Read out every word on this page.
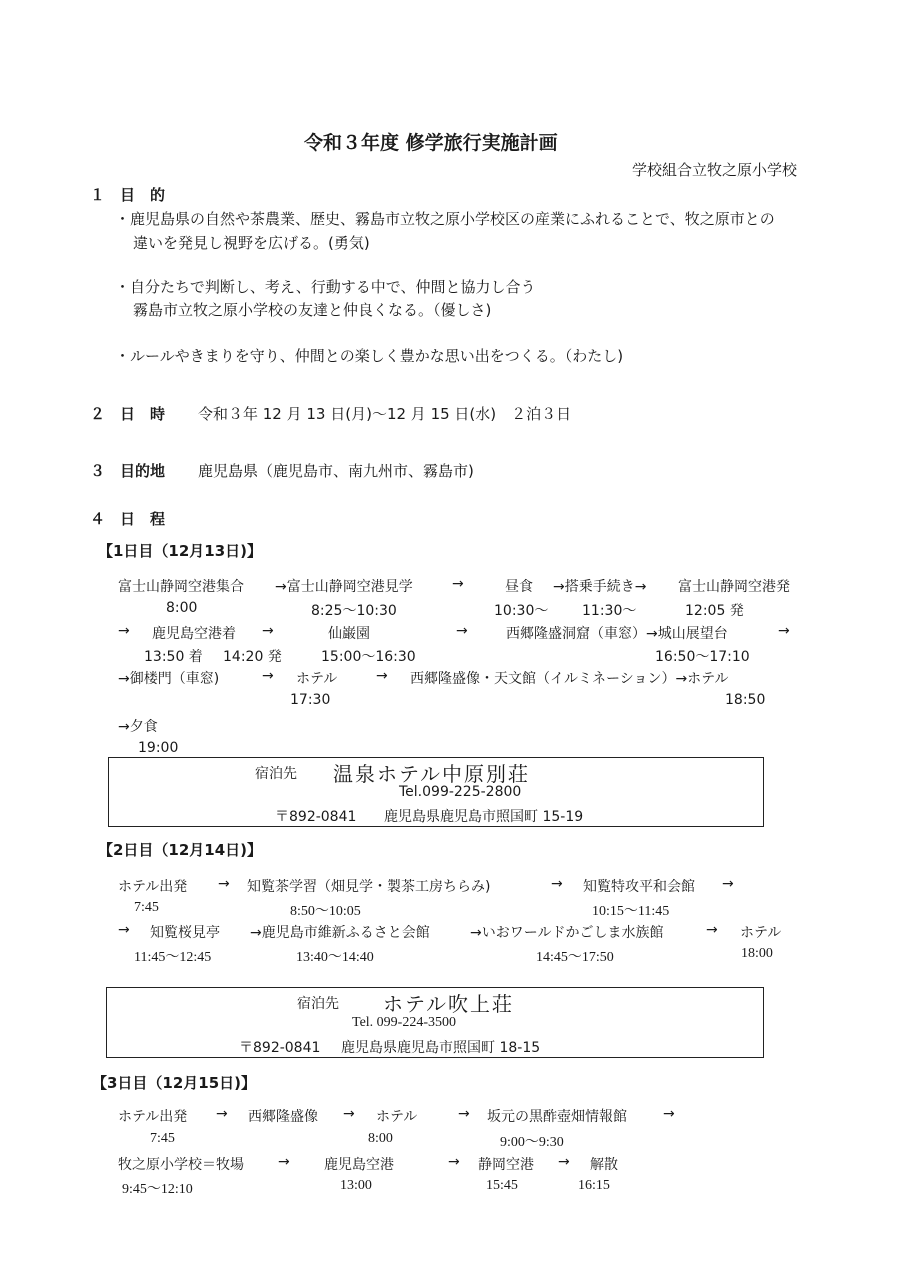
令和３年度 修学旅行実施計画
学校組合立牧之原小学校
１　目　的
・鹿児島県の自然や茶農業、歴史、霧島市立牧之原小学校区の産業にふれることで、牧之原市との
違いを発見し視野を広げる。(勇気)
・自分たちで判断し、考え、行動する中で、仲間と協力し合う
霧島市立牧之原小学校の友達と仲良くなる。（優しさ)
・ルールやきまりを守り、仲間との楽しく豊かな思い出をつくる。（わたし)
２　日　時 令和３年 12 月 13 日(月)～12 月 15 日(水)　２泊３日
３　目的地 鹿児島県（鹿児島市、南九州市、霧島市)
４　日　程
【1日目（12月13日)】
富士山静岡空港集合 →富士山静岡空港見学	→	昼食 →搭乗手続き→ 富士山静岡空港発
8:00	8:25～10:30	10:30～ 11:30～	12:05 発
→ 鹿児島空港着 →	仙巌園	→	西郷隆盛洞窟（車窓）→城山展望台	→
13:50 着 14:20 発	15:00～16:30	16:50～17:10
→御楼門（車窓)	→ ホテル	→ 西郷隆盛像・天文館（イルミネーション）→ホテル
17:30	18:50
→夕食
19:00
宿泊先 温泉ホテル中原別荘
Tel.099-225-2800
〒892-0841 鹿児島県鹿児島市照国町 15-19
【2日目（12月14日)】
ホテル出発 → 知覧茶学習（畑見学・製茶工房ちらみ)	→ 知覧特攻平和会館 →
7:45	8:50～10:05	10:15～11:45
→ 知覧桜見亭 →鹿児島市維新ふるさと会館	→いおワールドかごしま水族館	→ ホテル
11:45～12:45	13:40～14:40	14:45～17:50	18:00
宿泊先 ホテル吹上荘
Tel. 099-224-3500
〒892-0841 鹿児島県鹿児島市照国町 18-15
【3日目（12月15日)】
ホテル出発 → 西郷隆盛像 → ホテル	→ 坂元の黒酢壺畑情報館	→
7:45	8:00	9:00～9:30
牧之原小学校＝牧場 → 鹿児島空港	→ 静岡空港 → 解散
9:45～12:10	13:00	15:45	16:15
